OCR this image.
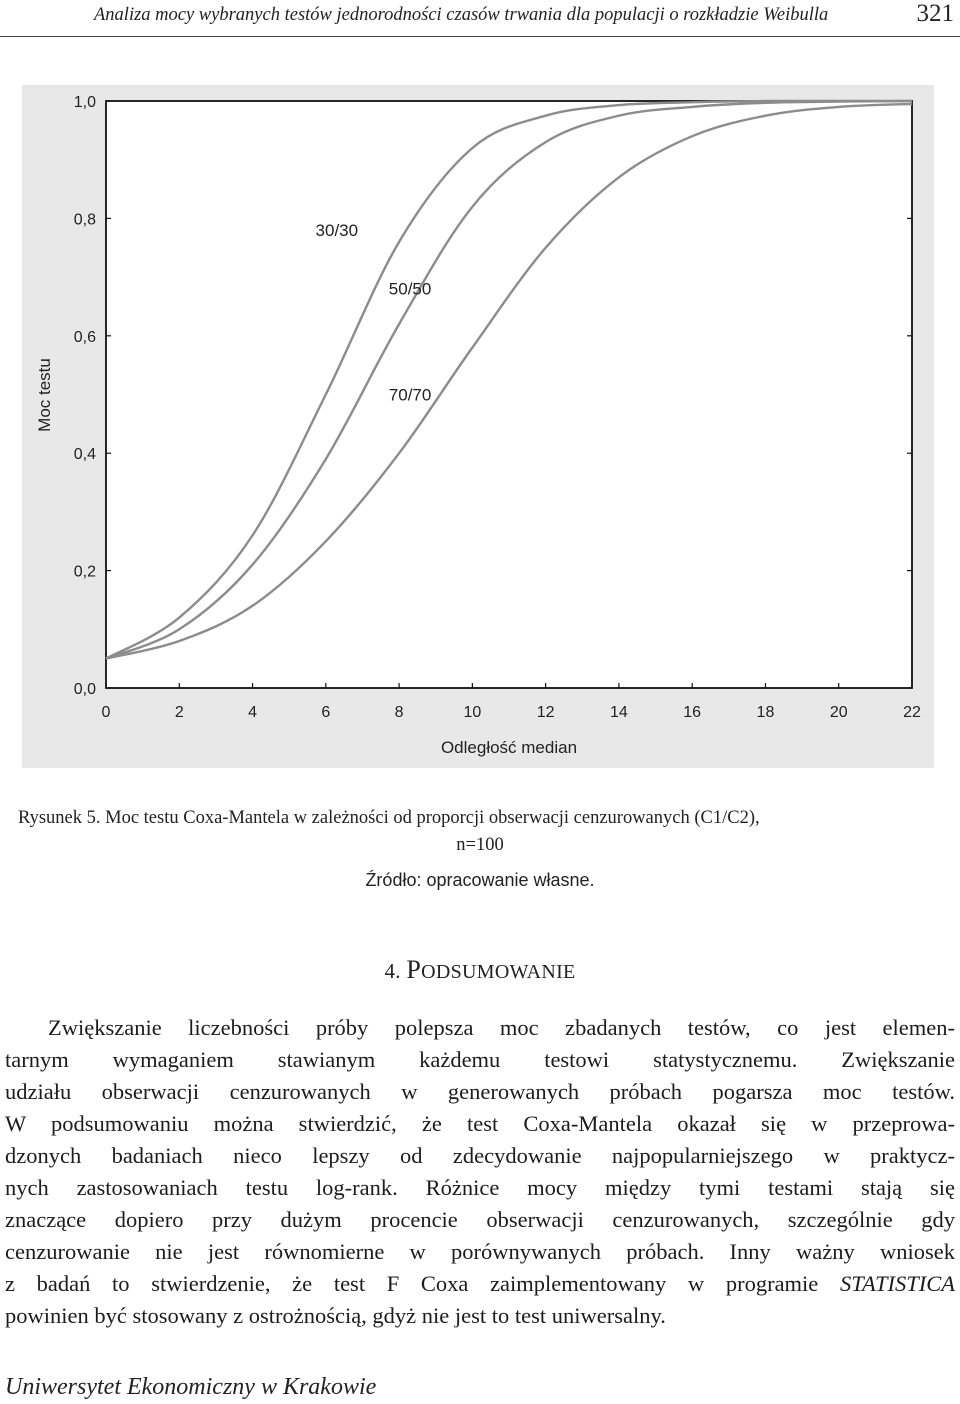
Analiza mocy wybranych testów jednorodności czasów trwania dla populacji o rozkładzie Weibulla	321
Moc testu
Odległość median
0	2	4	6	8	10	12	14	16	18	20	22
0,0
0,2
0,4
0,6
0,8
1,0
30/30
50/50
70/70
Rysunek 5. Moc testu Coxa-Mantela w zależności od proporcji obserwacji cenzurowanych (C1/C2),
n=100
Źródło: opracowanie własne.
4. PODSUMOWANIE
Zwiększanie liczebności próby polepsza moc zbadanych testów, co jest elemen-
tarnym wymaganiem stawianym każdemu testowi statystycznemu. Zwiększanie
udziału obserwacji cenzurowanych w generowanych próbach pogarsza moc testów.
W podsumowaniu można stwierdzić, że test Coxa-Mantela okazał się w przeprowa-
dzonych badaniach nieco lepszy od zdecydowanie najpopularniejszego w praktycz-
nych zastosowaniach testu log-rank. Różnice mocy między tymi testami stają się
znaczące dopiero przy dużym procencie obserwacji cenzurowanych, szczególnie gdy
cenzurowanie nie jest równomierne w porównywanych próbach. Inny ważny wniosek
z badań to stwierdzenie, że test F Coxa zaimplementowany w programie STATISTICA
powinien być stosowany z ostrożnością, gdyż nie jest to test uniwersalny.
Uniwersytet Ekonomiczny w Krakowie
